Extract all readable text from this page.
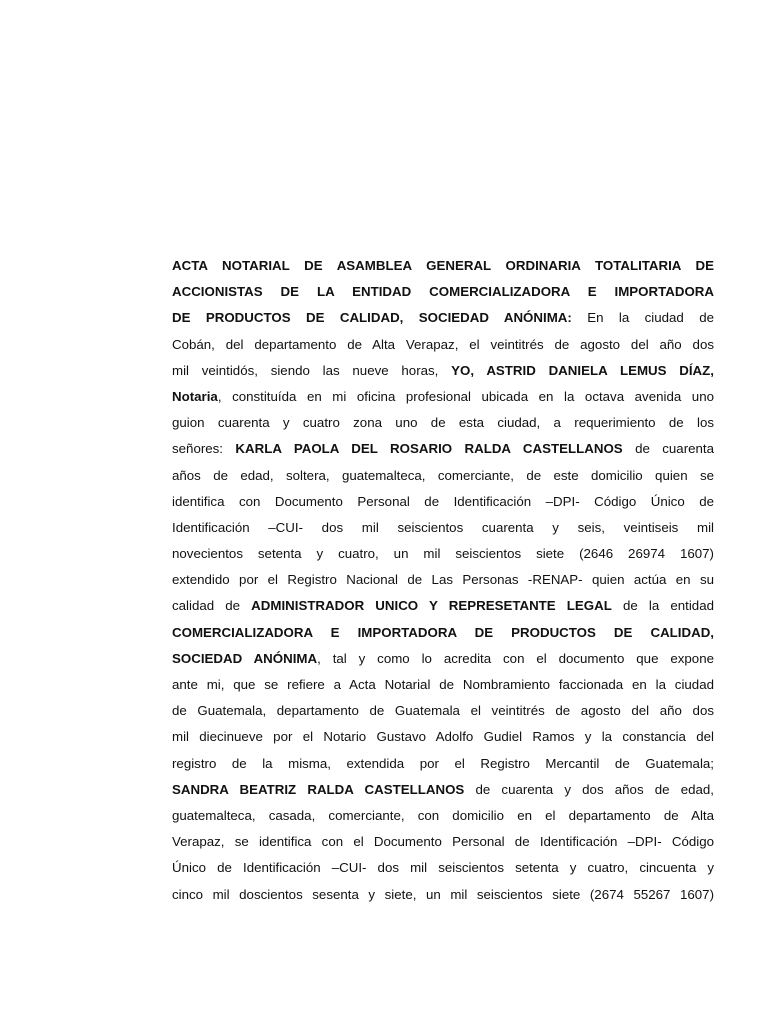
ACTA NOTARIAL DE ASAMBLEA GENERAL ORDINARIA TOTALITARIA DE
ACCIONISTAS DE LA ENTIDAD COMERCIALIZADORA E IMPORTADORA
DE PRODUCTOS DE CALIDAD, SOCIEDAD ANÓNIMA: En la ciudad de
Cobán, del departamento de Alta Verapaz, el veintitrés de agosto del año dos
mil veintidós, siendo las nueve horas, YO, ASTRID DANIELA LEMUS DÍAZ,
Notaria, constituída en mi oficina profesional ubicada en la octava avenida uno
guion cuarenta y cuatro zona uno de esta ciudad, a requerimiento de los
señores: KARLA PAOLA DEL ROSARIO RALDA CASTELLANOS de cuarenta
años de edad, soltera, guatemalteca, comerciante, de este domicilio quien se
identifica con Documento Personal de Identificación –DPI- Código Único de
Identificación –CUI- dos mil seiscientos cuarenta y seis, veintiseis mil
novecientos setenta y cuatro, un mil seiscientos siete (2646 26974 1607)
extendido por el Registro Nacional de Las Personas -RENAP- quien actúa en su
calidad de ADMINISTRADOR UNICO Y REPRESETANTE LEGAL de la entidad
COMERCIALIZADORA E IMPORTADORA DE PRODUCTOS DE CALIDAD,
SOCIEDAD ANÓNIMA, tal y como lo acredita con el documento que expone
ante mi, que se refiere a Acta Notarial de Nombramiento faccionada en la ciudad
de Guatemala, departamento de Guatemala el veintitrés de agosto del año dos
mil diecinueve por el Notario Gustavo Adolfo Gudiel Ramos y la constancia del
registro de la misma, extendida por el Registro Mercantil de Guatemala;
SANDRA BEATRIZ RALDA CASTELLANOS de cuarenta y dos años de edad,
guatemalteca, casada, comerciante, con domicilio en el departamento de Alta
Verapaz, se identifica con el Documento Personal de Identificación –DPI- Código
Único de Identificación –CUI- dos mil seiscientos setenta y cuatro, cincuenta y
cinco mil doscientos sesenta y siete, un mil seiscientos siete (2674 55267 1607)
